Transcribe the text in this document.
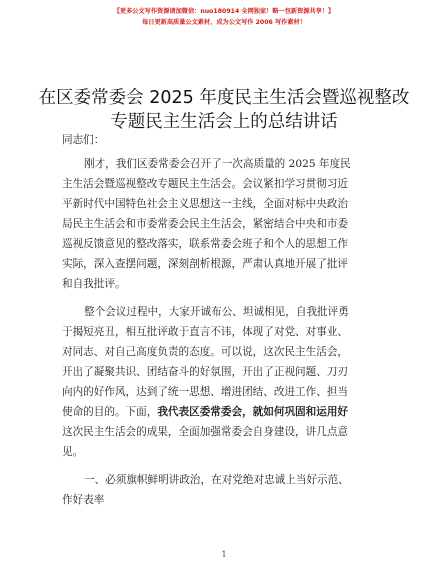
【更多公文写作资源请加微信：nuo180914 全网独家！略一包新资源共享！】
每日更新高质量公文素材，成为公文写作 2006 写作素材！
在区委常委会 2025 年度民主生活会暨巡视整改
专题民主生活会上的总结讲话
同志们：
刚才，我们区委常委会召开了一次高质量的 2025 年度民
主生活会暨巡视整改专题民主生活会。会议紧扣学习贯彻习近
平新时代中国特色社会主义思想这一主线，全面对标中央政治
局民主生活会和市委常委会民主生活会，紧密结合中央和市委
巡视反馈意见的整改落实，联系常委会班子和个人的思想工作
实际，深入查摆问题，深刻剖析根源，严肃认真地开展了批评
和自我批评。
整个会议过程中，大家开诚布公、坦诚相见，自我批评勇
于揭短亮丑，相互批评敢于直言不讳，体现了对党、对事业、
对同志、对自己高度负责的态度。可以说，这次民主生活会，
开出了凝聚共识、团结奋斗的好氛围，开出了正视问题、刀刃
向内的好作风，达到了统一思想、增进团结、改进工作、担当
使命的目的。下面，我代表区委常委会，就如何巩固和运用好
这次民主生活会的成果，全面加强常委会自身建设，讲几点意
见。
一、必须旗帜鲜明讲政治，在对党绝对忠诚上当好示范、
作好表率
1
